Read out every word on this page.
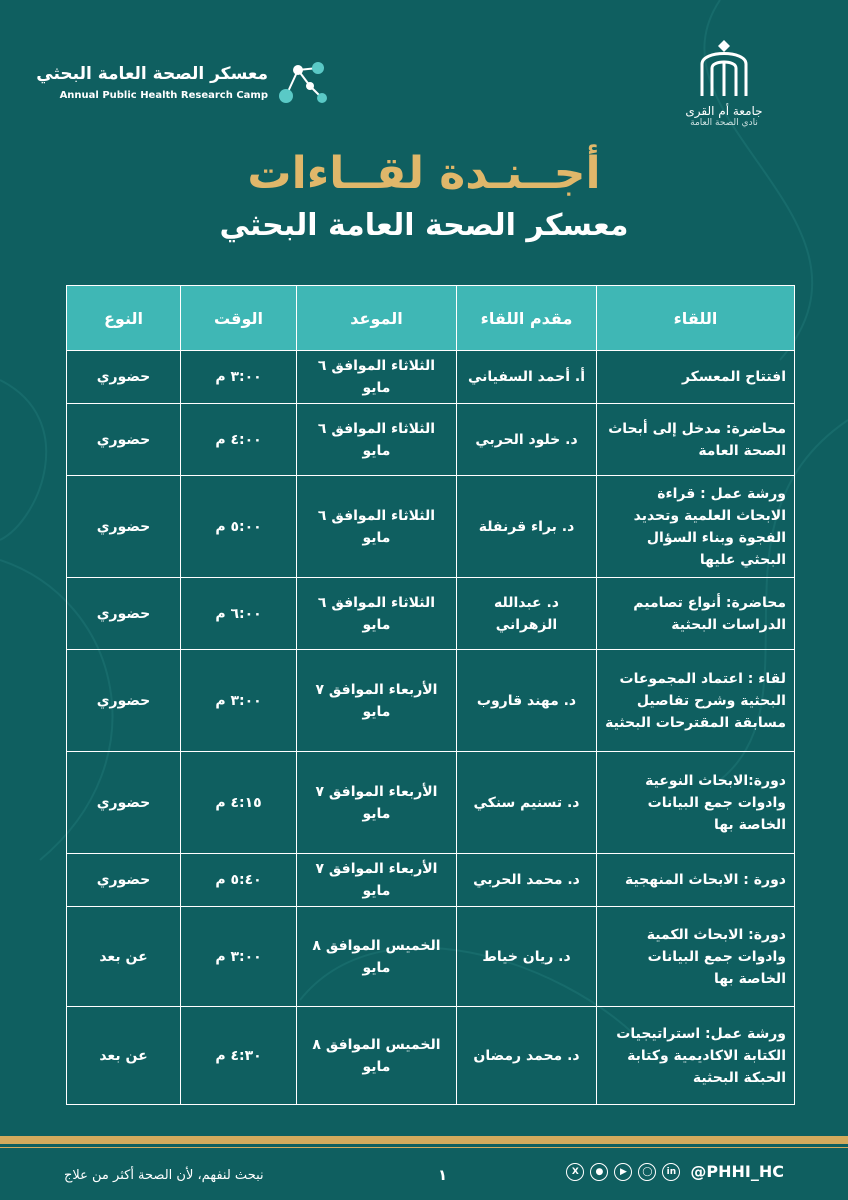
معسكر الصحة العامة البحثي
Annual Public Health Research Camp
جامعة أم القرى
نادي الصحة العامة
أجــنـدة لقــاءات
معسكر الصحة العامة البحثي
اللقاء	مقدم اللقاء	الموعد	الوقت	النوع
افتتاح المعسكر	أ. أحمد السفياني	الثلاثاء الموافق ٦ مايو	٣:٠٠ م	حضوري
محاضرة: مدخل إلى أبحاث الصحة العامة	د. خلود الحربي	الثلاثاء الموافق ٦ مايو	٤:٠٠ م	حضوري
ورشة عمل : قراءة الابحاث العلمية وتحديد الفجوة وبناء السؤال البحثي عليها	د. براء قرنفلة	الثلاثاء الموافق ٦ مايو	٥:٠٠ م	حضوري
محاضرة: أنواع تصاميم الدراسات البحثية	د. عبدالله الزهراني	الثلاثاء الموافق ٦ مايو	٦:٠٠ م	حضوري
لقاء : اعتماد المجموعات البحثية وشرح تفاصيل مسابقة المقترحات البحثية	د. مهند قاروب	الأربعاء الموافق ٧ مايو	٣:٠٠ م	حضوري
دورة:الابحاث النوعية وادوات جمع البيانات الخاصة بها	د. تسنيم سنكي	الأربعاء الموافق ٧ مايو	٤:١٥ م	حضوري
دورة : الابحاث المنهجية	د. محمد الحربي	الأربعاء الموافق ٧ مايو	٥:٤٠ م	حضوري
دورة: الابحاث الكمية وادوات جمع البيانات الخاصة بها	د. ريان خياط	الخميس الموافق ٨ مايو	٣:٠٠ م	عن بعد
ورشة عمل: استراتيجيات الكتابة الاكاديمية وكتابة الحبكة البحثية	د. محمد رمضان	الخميس الموافق ٨ مايو	٤:٣٠ م	عن بعد
نبحث لنفهم، لأن الصحة أكثر من علاج	١	X	●	▶	◯	in @PHHI_HC
